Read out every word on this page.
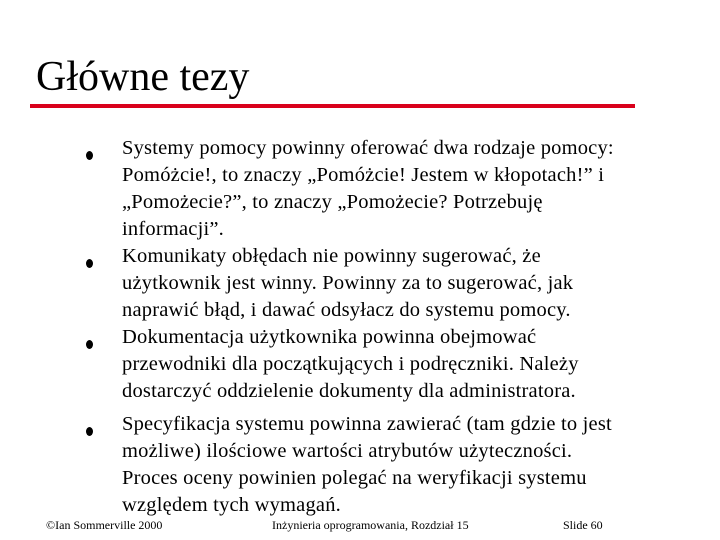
Główne tezy
Systemy pomocy powinny oferować dwa rodzaje pomocy:
Pomóżcie!, to znaczy „Pomóżcie! Jestem w kłopotach!” i
„Pomożecie?”, to znaczy „Pomożecie? Potrzebuję
informacji”.
Komunikaty obłędach nie powinny sugerować, że
użytkownik jest winny. Powinny za to sugerować, jak
naprawić błąd, i dawać odsyłacz do systemu pomocy.
Dokumentacja użytkownika powinna obejmować
przewodniki dla początkujących i podręczniki. Należy
dostarczyć oddzielenie dokumenty dla administratora.
Specyfikacja systemu powinna zawierać (tam gdzie to jest
możliwe) ilościowe wartości atrybutów użyteczności.
Proces oceny powinien polegać na weryfikacji systemu
względem tych wymagań.
©Ian Sommerville 2000	Inżynieria oprogramowania, Rozdział 15	Slide 60
